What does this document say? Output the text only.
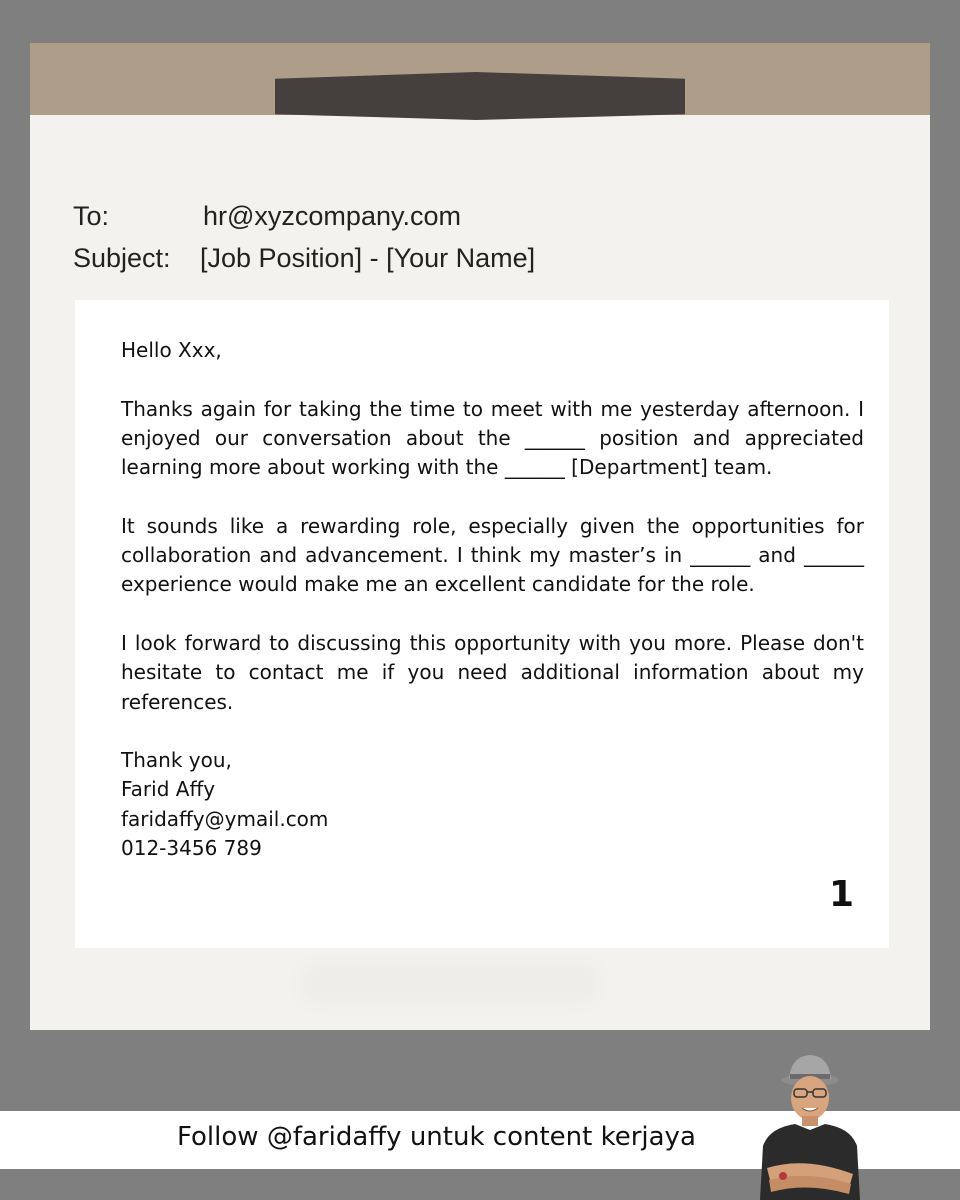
To:	hr@xyzcompany.com
Subject: [Job Position] - [Your Name]

Hello Xxx,

Thanks again for taking the time to meet with me yesterday afternoon. I enjoyed our conversation about the ______ position and appreciated learning more about working with the ______ [Department] team.

It sounds like a rewarding role, especially given the opportunities for collaboration and advancement. I think my master’s in ______ and ______ experience would make me an excellent candidate for the role.

I look forward to discussing this opportunity with you more. Please don't hesitate to contact me if you need additional information about my references.

Thank you,

Farid Affy

faridaffy@ymail.com

012-3456 789

1
Follow @faridaffy untuk content kerjaya
